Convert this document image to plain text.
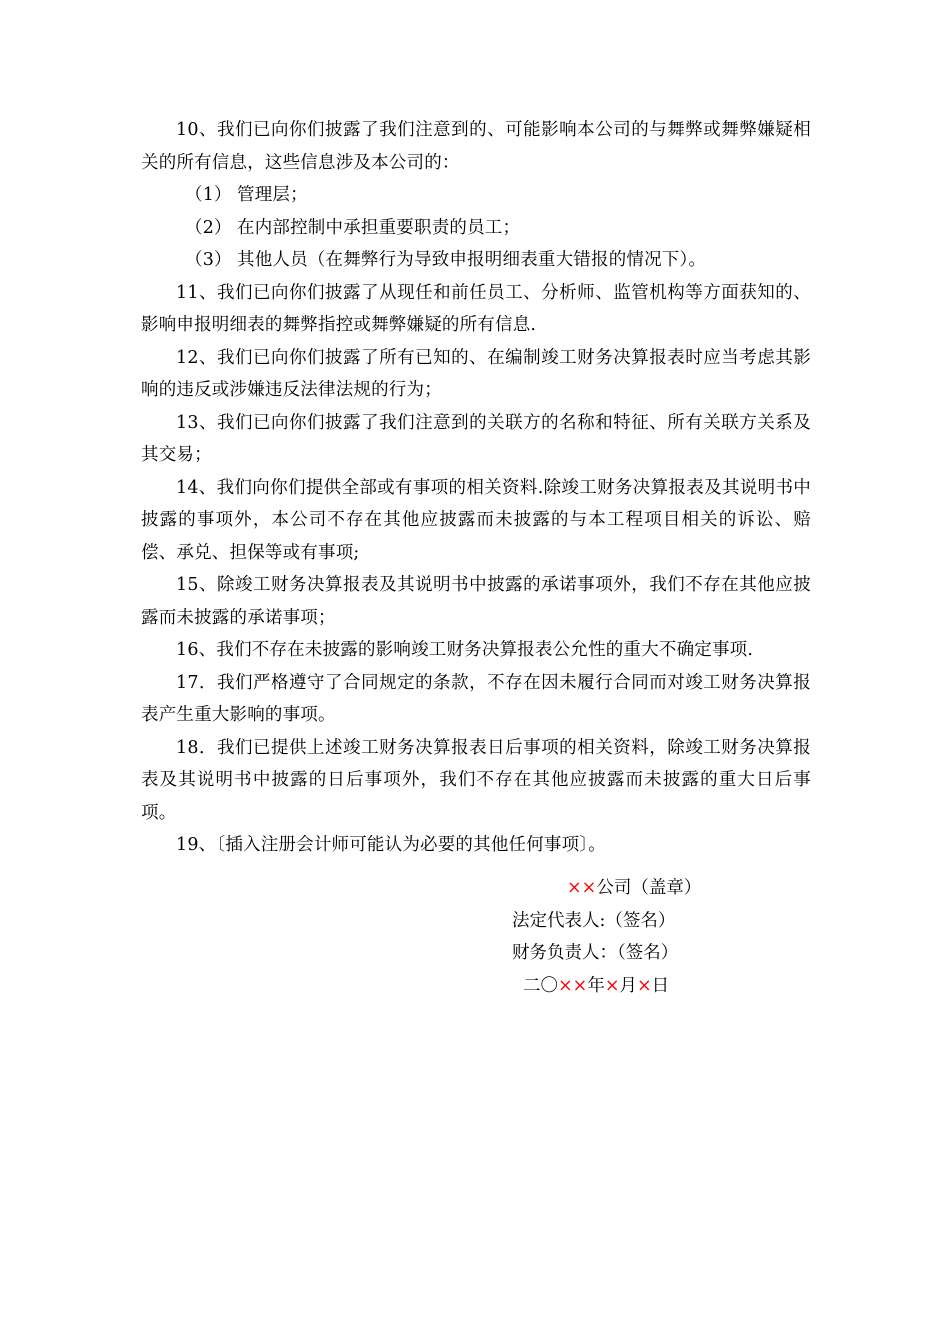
10、我们已向你们披露了我们注意到的、可能影响本公司的与舞弊或舞弊嫌疑相关的所有信息，这些信息涉及本公司的：

（1） 管理层；

（2） 在内部控制中承担重要职责的员工；

（3） 其他人员（在舞弊行为导致申报明细表重大错报的情况下）。

11、我们已向你们披露了从现任和前任员工、分析师、监管机构等方面获知的、影响申报明细表的舞弊指控或舞弊嫌疑的所有信息.

12、我们已向你们披露了所有已知的、在编制竣工财务决算报表时应当考虑其影响的违反或涉嫌违反法律法规的行为；

13、我们已向你们披露了我们注意到的关联方的名称和特征、所有关联方关系及其交易；

14、我们向你们提供全部或有事项的相关资料.除竣工财务决算报表及其说明书中披露的事项外，本公司不存在其他应披露而未披露的与本工程项目相关的诉讼、赔偿、承兑、担保等或有事项;

15、除竣工财务决算报表及其说明书中披露的承诺事项外，我们不存在其他应披露而未披露的承诺事项；

16、我们不存在未披露的影响竣工财务决算报表公允性的重大不确定事项.

17．我们严格遵守了合同规定的条款，不存在因未履行合同而对竣工财务决算报表产生重大影响的事项。

18．我们已提供上述竣工财务决算报表日后事项的相关资料，除竣工财务决算报表及其说明书中披露的日后事项外，我们不存在其他应披露而未披露的重大日后事项。

19、〔插入注册会计师可能认为必要的其他任何事项〕。

××公司（盖章）

法定代表人:（签名）

财务负责人：（签名）

二〇××年×月×日
